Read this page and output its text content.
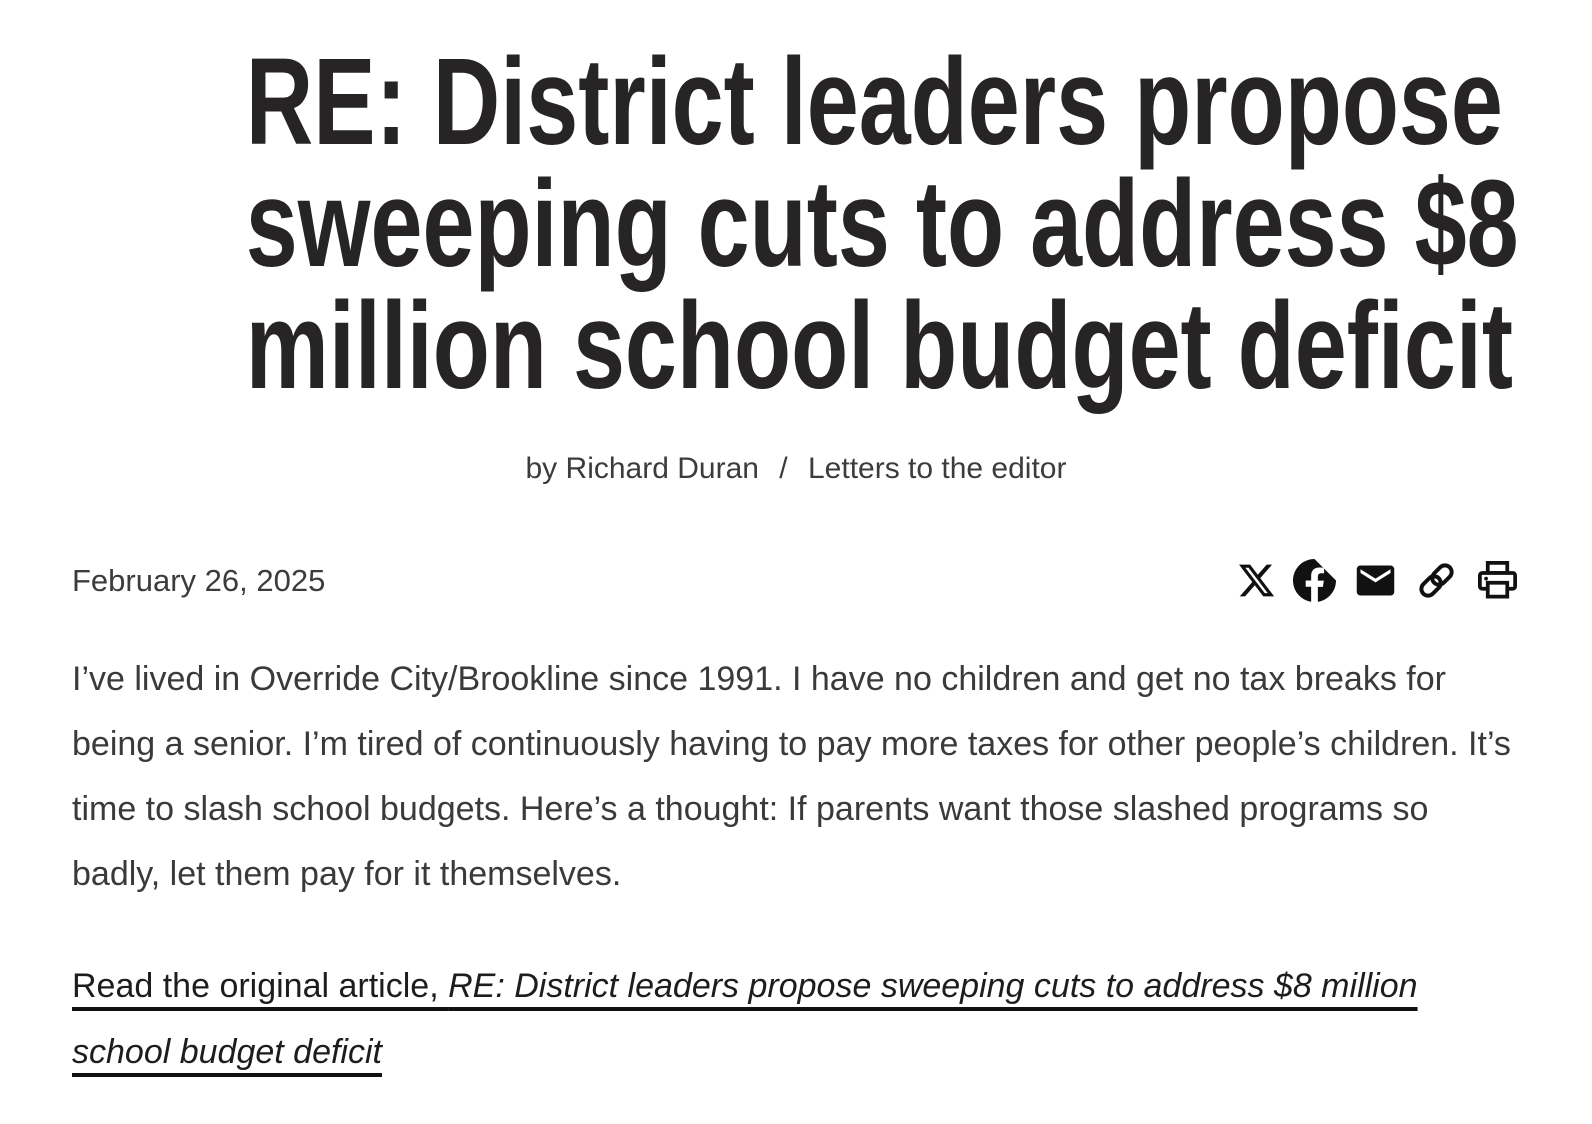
RE: District leaders propose
sweeping cuts to address $8
million school budget deficit
by Richard Duran / Letters to the editor
February 26, 2025

I’ve lived in Override City/Brookline since 1991. I have no children and get no tax breaks for being a senior. I’m tired of continuously having to pay more taxes for other people’s children. It’s time to slash school budgets. Here’s a thought: If parents want those slashed programs so badly, let them pay for it themselves.

Read the original article, RE: District leaders propose sweeping cuts to address $8 million school budget deficit
